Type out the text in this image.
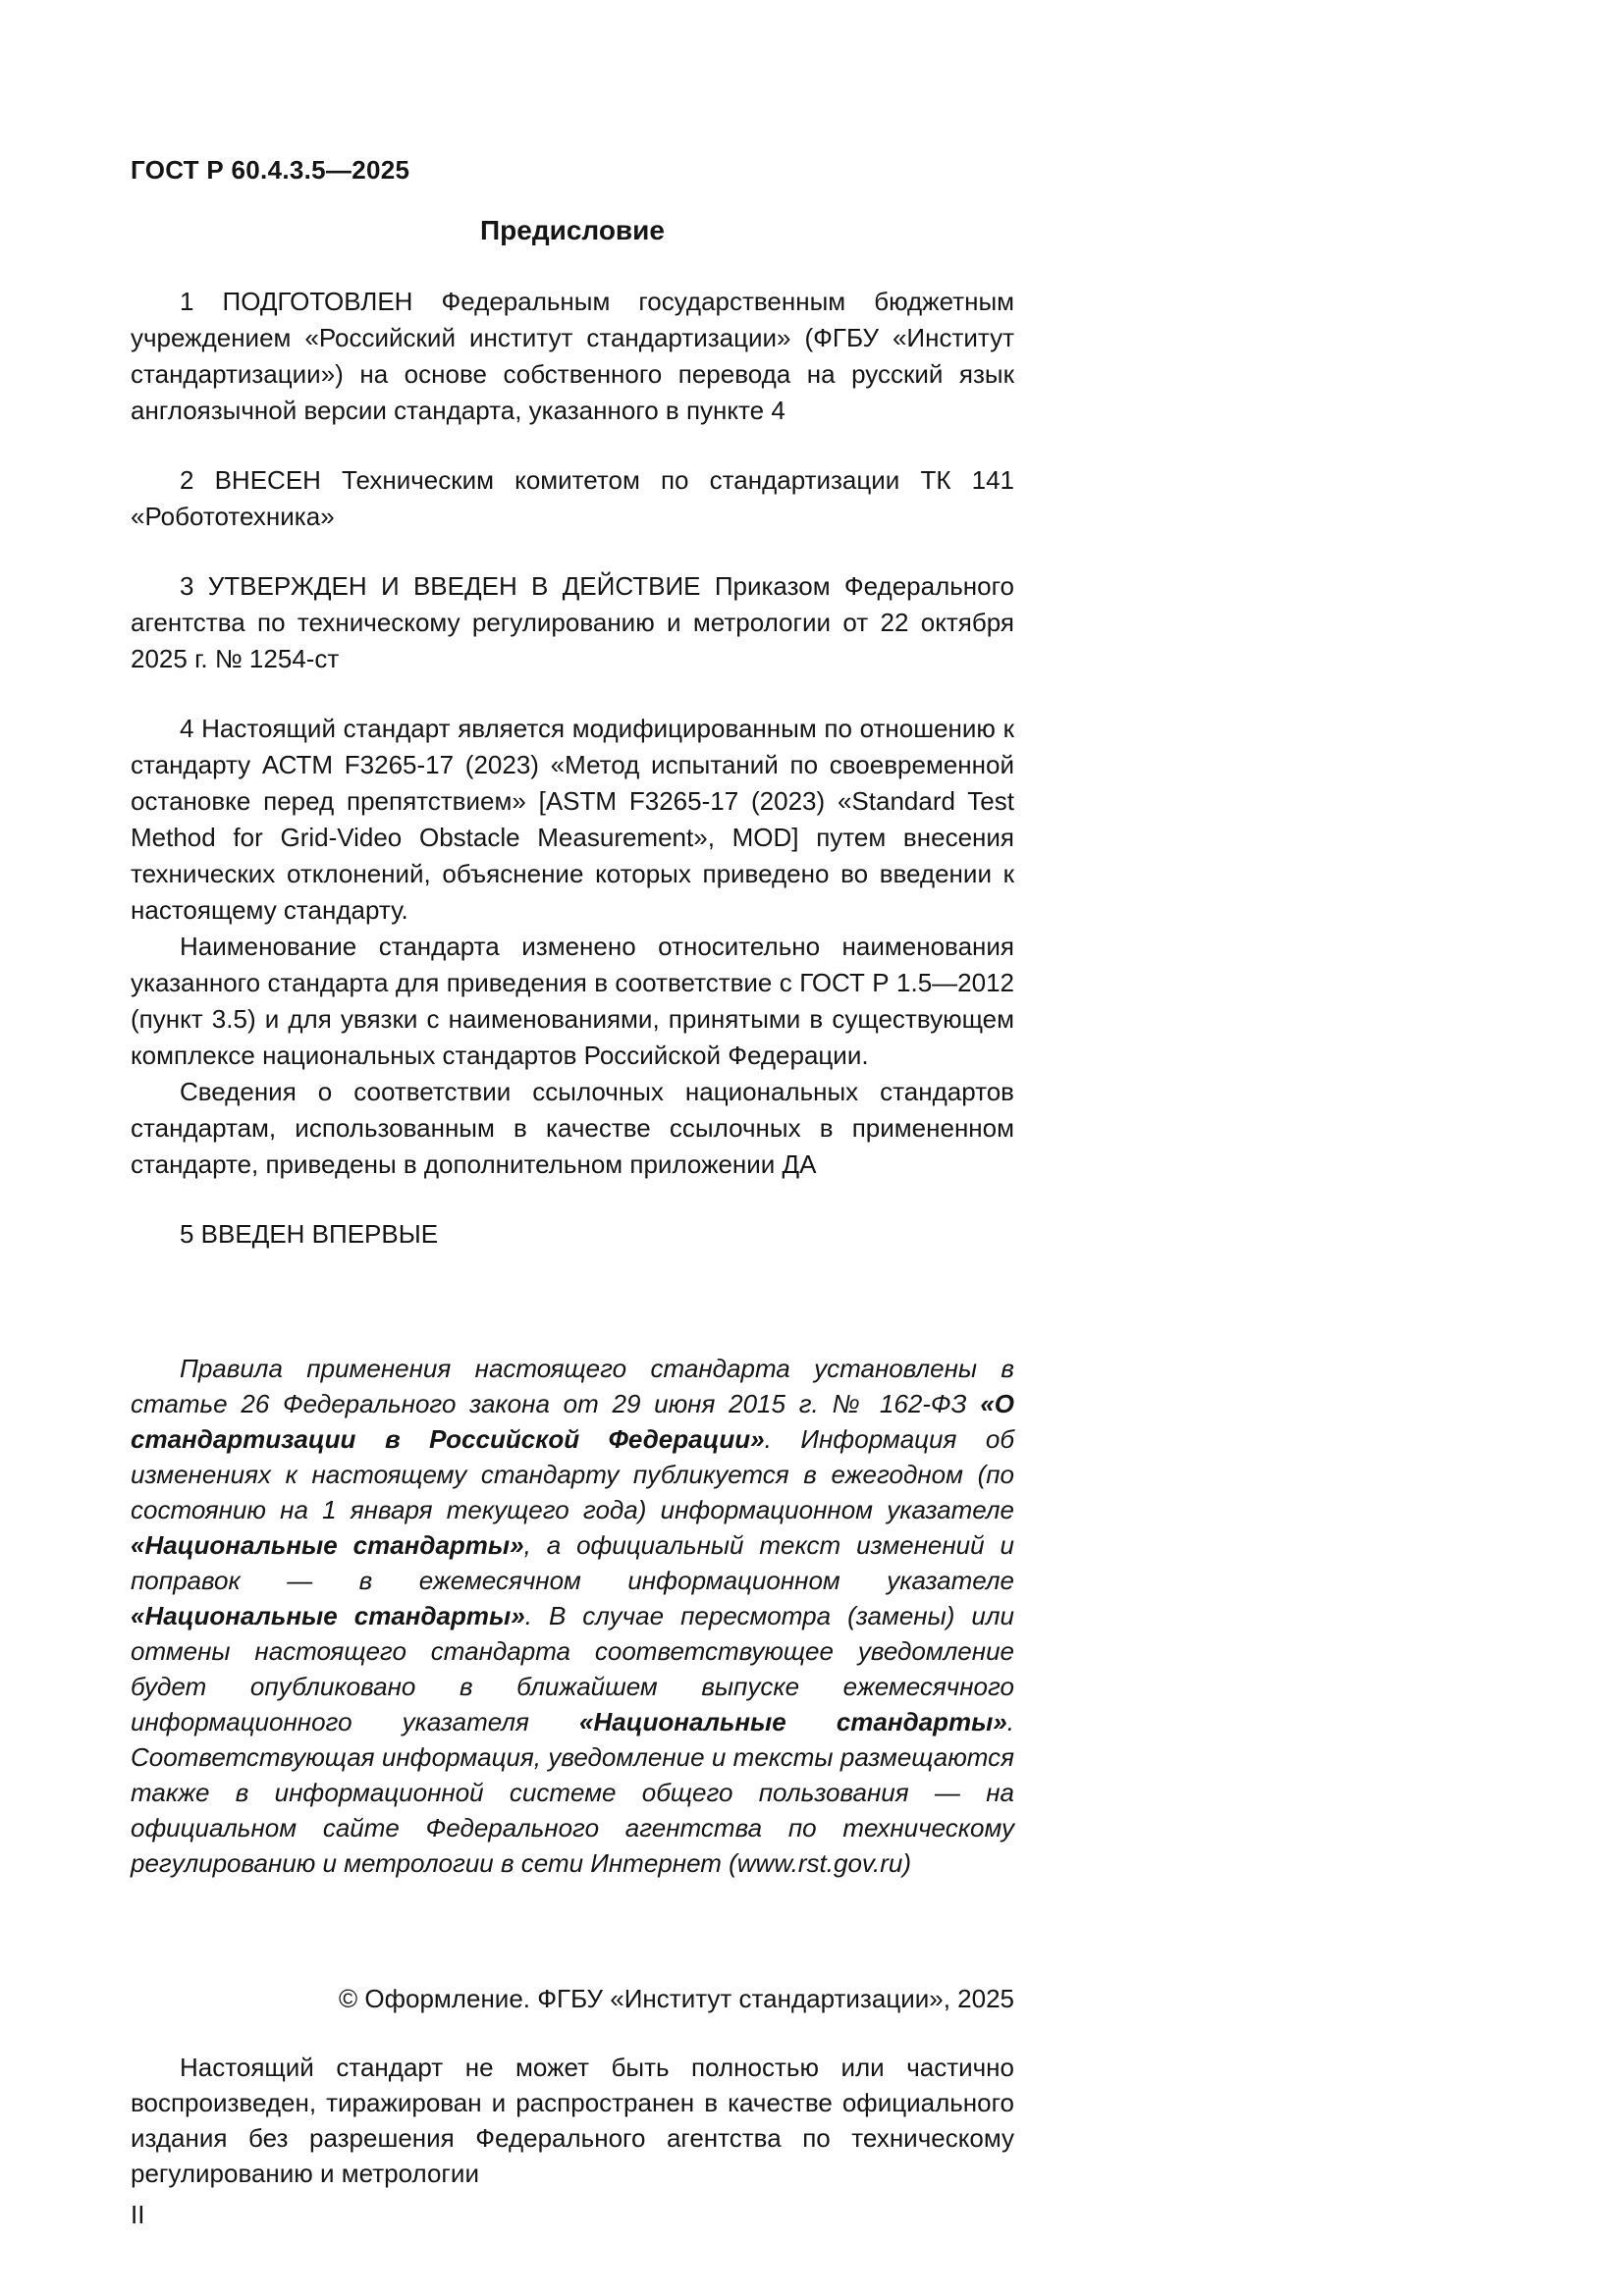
ГОСТ Р 60.4.3.5—2025
Предисловие

1 ПОДГОТОВЛЕН Федеральным государственным бюджетным учреждением «Российский институт стандартизации» (ФГБУ «Институт стандартизации») на основе собственного перевода на русский язык англоязычной версии стандарта, указанного в пункте 4

2 ВНЕСЕН Техническим комитетом по стандартизации ТК 141 «Робототехника»

3 УТВЕРЖДЕН И ВВЕДЕН В ДЕЙСТВИЕ Приказом Федерального агентства по техническому регулированию и метрологии от 22 октября 2025 г. № 1254-ст

4 Настоящий стандарт является модифицированным по отношению к стандарту АСТМ F3265-17 (2023) «Метод испытаний по своевременной остановке перед препятствием» [ASTM F3265-17 (2023) «Standard Test Method for Grid-Video Obstacle Measurement», MOD] путем внесения технических отклонений, объяснение которых приведено во введении к настоящему стандарту.

Наименование стандарта изменено относительно наименования указанного стандарта для приведения в соответствие с ГОСТ Р 1.5—2012 (пункт 3.5) и для увязки с наименованиями, принятыми в существующем комплексе национальных стандартов Российской Федерации.

Сведения о соответствии ссылочных национальных стандартов стандартам, использованным в качестве ссылочных в примененном стандарте, приведены в дополнительном приложении ДА

5 ВВЕДЕН ВПЕРВЫЕ

Правила применения настоящего стандарта установлены в статье 26 Федерального закона от 29 июня 2015 г. № 162-ФЗ «О стандартизации в Российской Федерации». Информация об изменениях к настоящему стандарту публикуется в ежегодном (по состоянию на 1 января текущего года) информационном указателе «Национальные стандарты», а официальный текст изменений и поправок — в ежемесячном информационном указателе «Национальные стандарты». В случае пересмотра (замены) или отмены настоящего стандарта соответствующее уведомление будет опубликовано в ближайшем выпуске ежемесячного информационного указателя «Национальные стандарты». Соответствующая информация, уведомление и тексты размещаются также в информационной системе общего пользования — на официальном сайте Федерального агентства по техническому регулированию и метрологии в сети Интернет (www.rst.gov.ru)

© Оформление. ФГБУ «Институт стандартизации», 2025

Настоящий стандарт не может быть полностью или частично воспроизведен, тиражирован и распространен в качестве официального издания без разрешения Федерального агентства по техническому регулированию и метрологии

II
